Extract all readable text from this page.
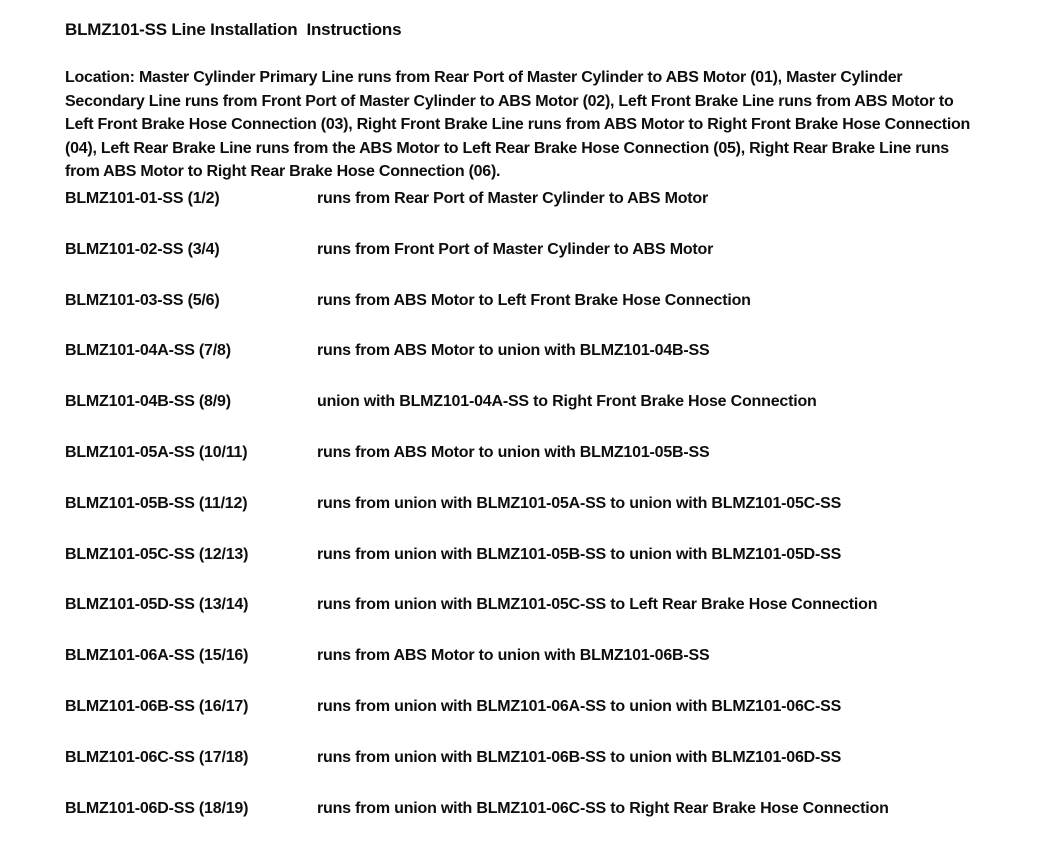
BLMZ101-SS Line Installation  Instructions
Location: Master Cylinder Primary Line runs from Rear Port of Master Cylinder to ABS Motor (01), Master Cylinder Secondary Line runs from Front Port of Master Cylinder to ABS Motor (02), Left Front Brake Line runs from ABS Motor to Left Front Brake Hose Connection (03), Right Front Brake Line runs from ABS Motor to Right Front Brake Hose Connection (04), Left Rear Brake Line runs from the ABS Motor to Left Rear Brake Hose Connection (05), Right Rear Brake Line runs from ABS Motor to Right Rear Brake Hose Connection (06).
BLMZ101-01-SS (1/2)	runs from Rear Port of Master Cylinder to ABS Motor
BLMZ101-02-SS (3/4)	runs from Front Port of Master Cylinder to ABS Motor
BLMZ101-03-SS (5/6)	runs from ABS Motor to Left Front Brake Hose Connection
BLMZ101-04A-SS (7/8)	runs from ABS Motor to union with BLMZ101-04B-SS
BLMZ101-04B-SS (8/9)	union with BLMZ101-04A-SS to Right Front Brake Hose Connection
BLMZ101-05A-SS (10/11)	runs from ABS Motor to union with BLMZ101-05B-SS
BLMZ101-05B-SS (11/12)	runs from union with BLMZ101-05A-SS to union with BLMZ101-05C-SS
BLMZ101-05C-SS (12/13)	runs from union with BLMZ101-05B-SS to union with BLMZ101-05D-SS
BLMZ101-05D-SS (13/14)	runs from union with BLMZ101-05C-SS to Left Rear Brake Hose Connection
BLMZ101-06A-SS (15/16)	runs from ABS Motor to union with BLMZ101-06B-SS
BLMZ101-06B-SS (16/17)	runs from union with BLMZ101-06A-SS to union with BLMZ101-06C-SS
BLMZ101-06C-SS (17/18)	runs from union with BLMZ101-06B-SS to union with BLMZ101-06D-SS
BLMZ101-06D-SS (18/19)	runs from union with BLMZ101-06C-SS to Right Rear Brake Hose Connection
